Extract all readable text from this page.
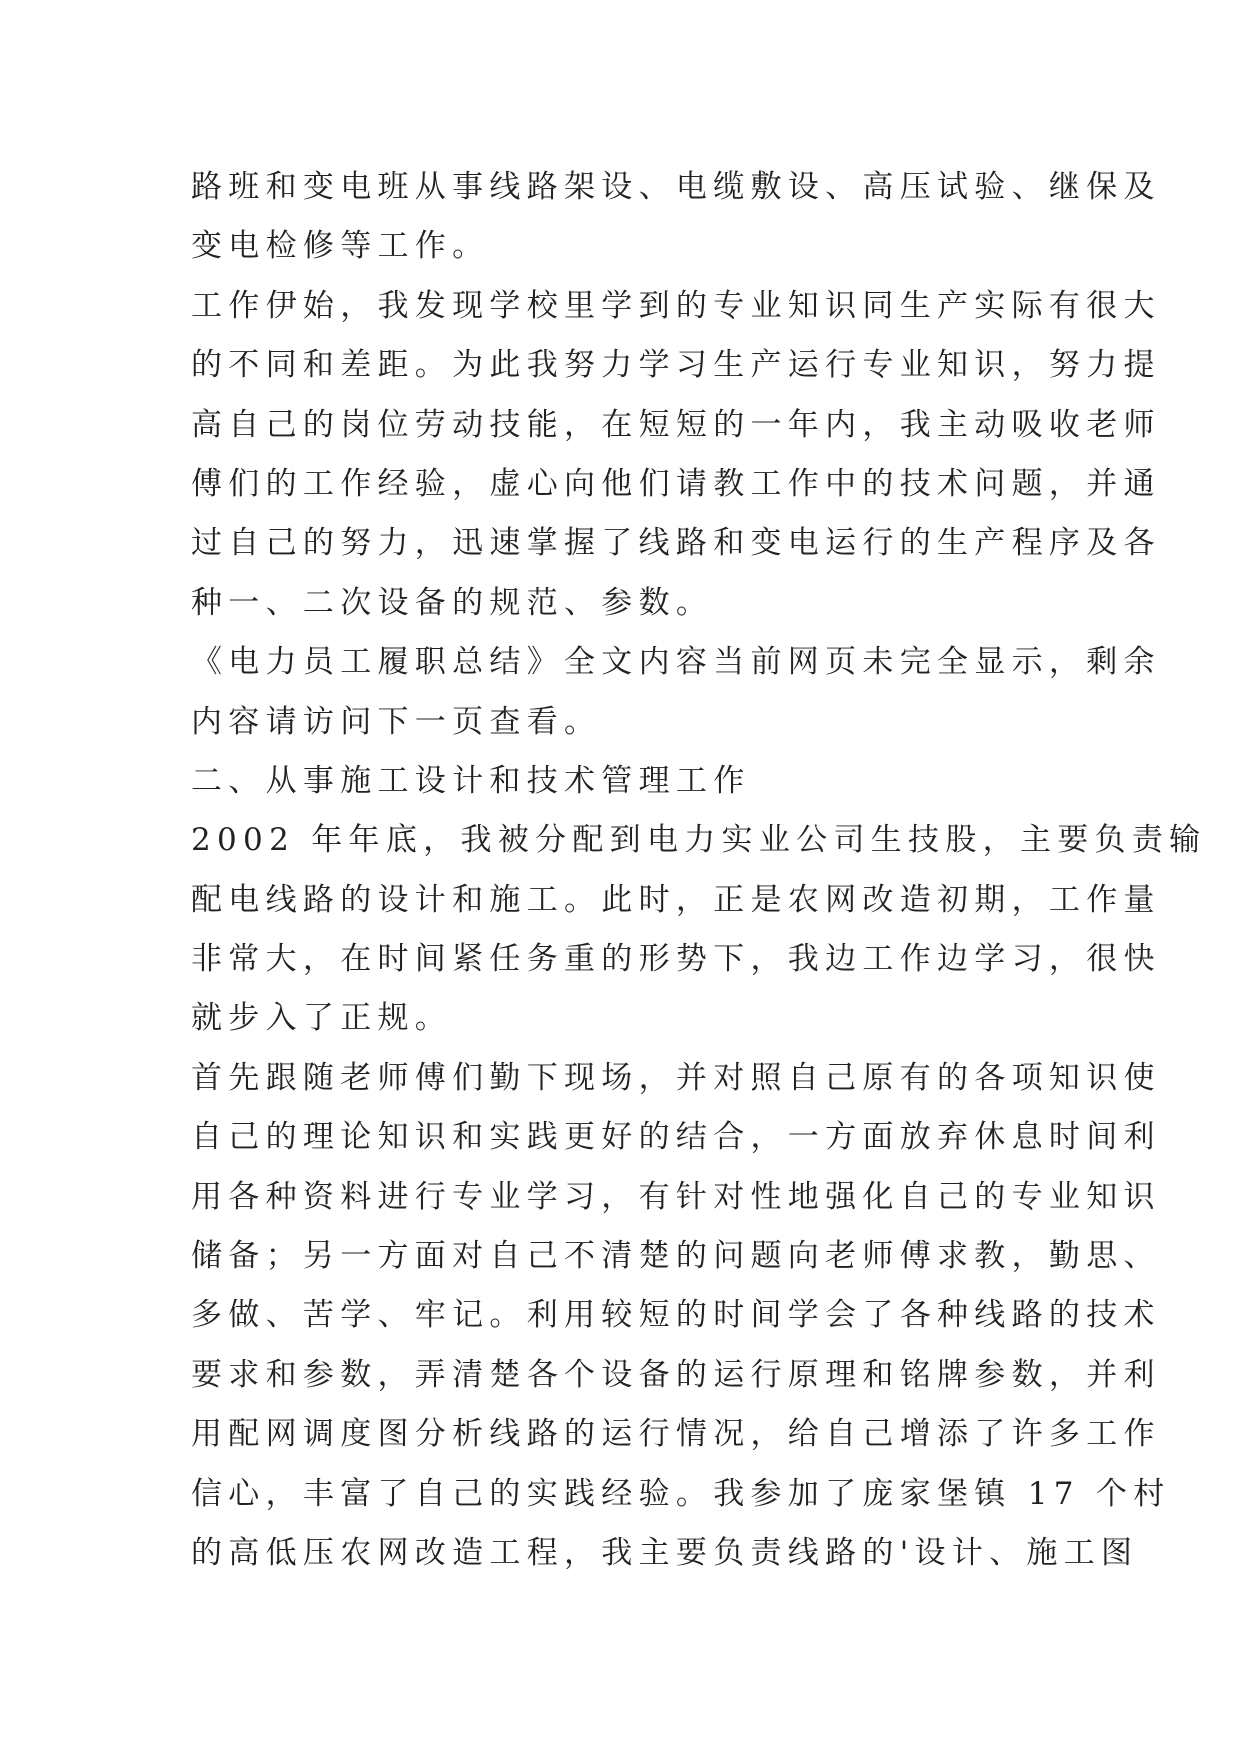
路班和变电班从事线路架设、电缆敷设、高压试验、继保及
变电检修等工作。
工作伊始，我发现学校里学到的专业知识同生产实际有很大
的不同和差距。为此我努力学习生产运行专业知识，努力提
高自己的岗位劳动技能，在短短的一年内，我主动吸收老师
傅们的工作经验，虚心向他们请教工作中的技术问题，并通
过自己的努力，迅速掌握了线路和变电运行的生产程序及各
种一、二次设备的规范、参数。
《电力员工履职总结》全文内容当前网页未完全显示，剩余
内容请访问下一页查看。
二、从事施工设计和技术管理工作
2002 年年底，我被分配到电力实业公司生技股，主要负责输
配电线路的设计和施工。此时，正是农网改造初期，工作量
非常大，在时间紧任务重的形势下，我边工作边学习，很快
就步入了正规。
首先跟随老师傅们勤下现场，并对照自己原有的各项知识使
自己的理论知识和实践更好的结合，一方面放弃休息时间利
用各种资料进行专业学习，有针对性地强化自己的专业知识
储备；另一方面对自己不清楚的问题向老师傅求教，勤思、
多做、苦学、牢记。利用较短的时间学会了各种线路的技术
要求和参数，弄清楚各个设备的运行原理和铭牌参数，并利
用配网调度图分析线路的运行情况，给自己增添了许多工作
信心，丰富了自己的实践经验。我参加了庞家堡镇 17 个村
的高低压农网改造工程，我主要负责线路的'设计、施工图
